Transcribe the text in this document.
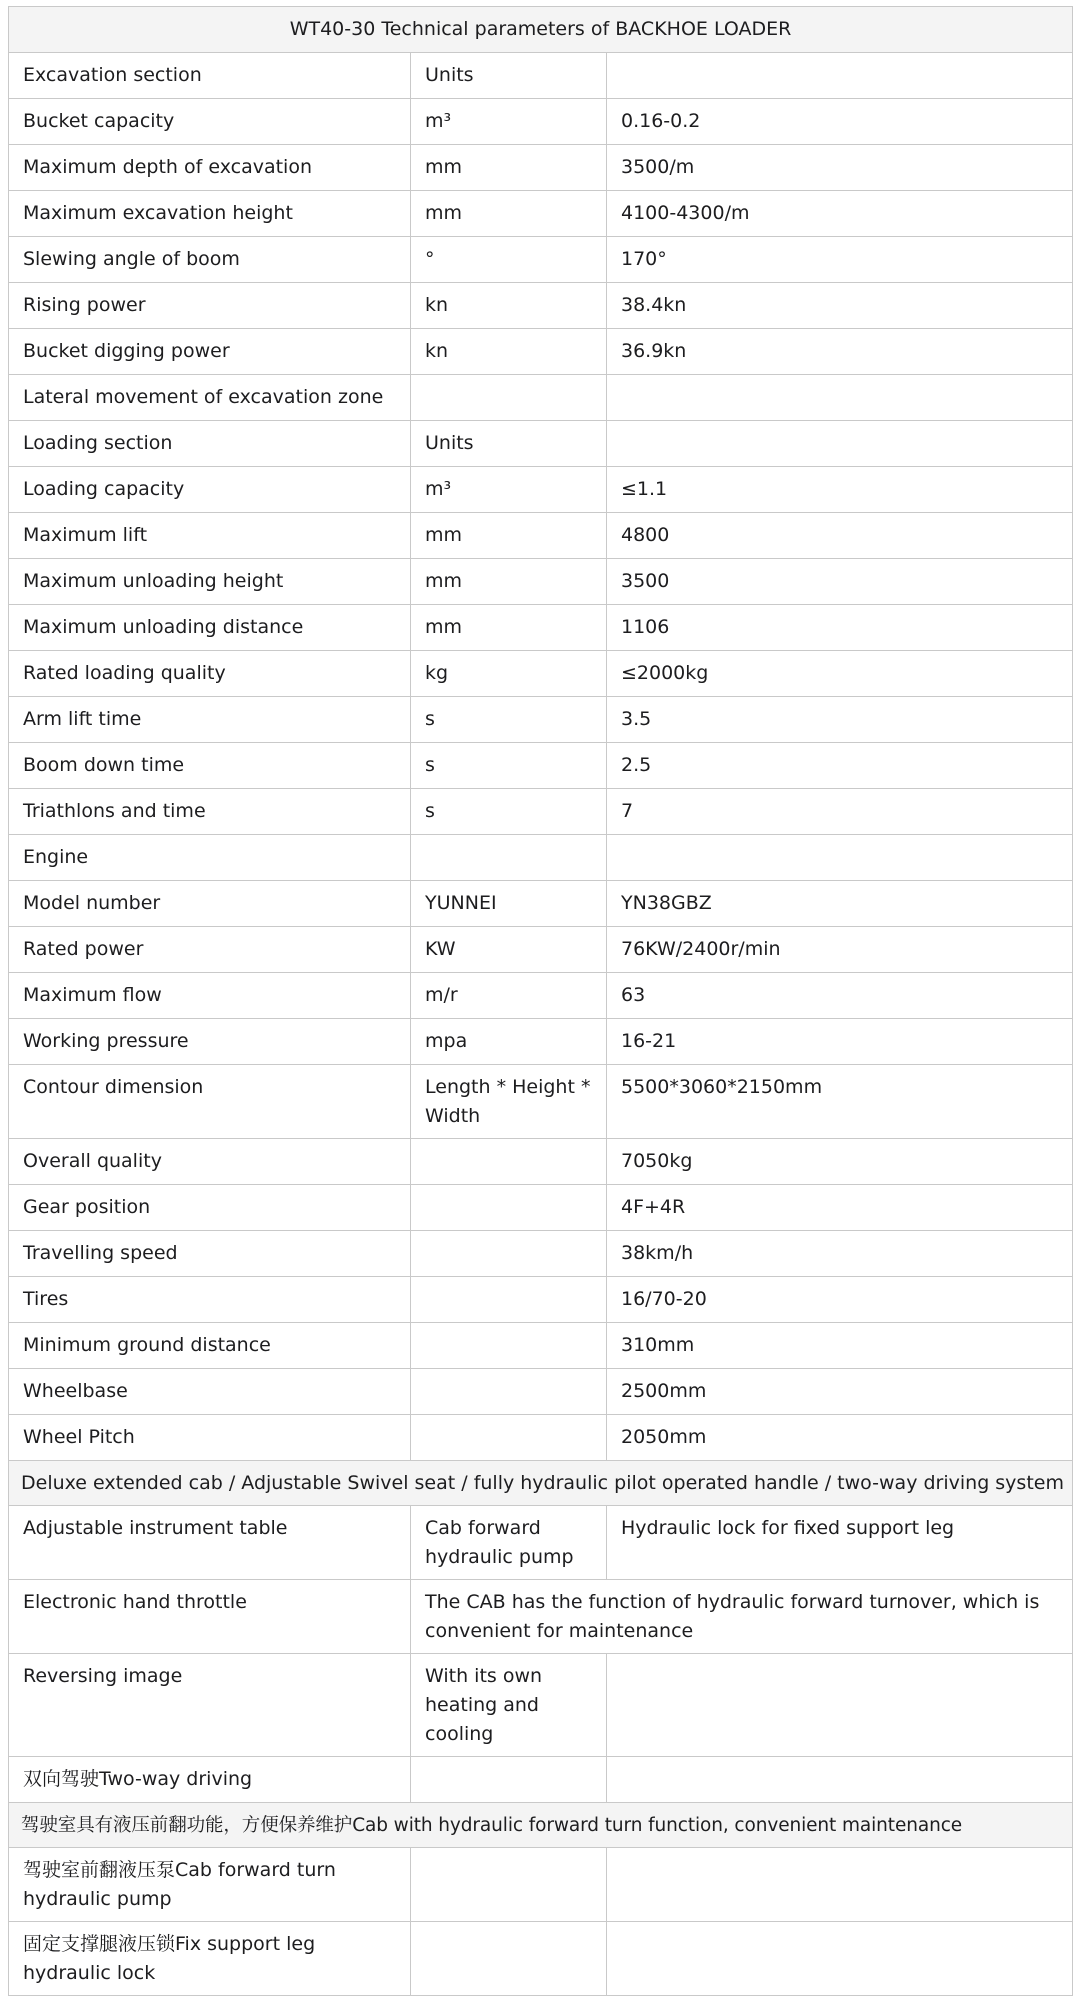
WT40-30 Technical parameters of BACKHOE LOADER		
Excavation section	Units	
Bucket capacity	m³	0.16-0.2
Maximum depth of excavation	mm	3500/m
Maximum excavation height	mm	4100-4300/m
Slewing angle of boom	°	170°
Rising power	kn	38.4kn
Bucket digging power	kn	36.9kn
Lateral movement of excavation zone		
Loading section	Units	
Loading capacity	m³	≤1.1
Maximum lift	mm	4800
Maximum unloading height	mm	3500
Maximum unloading distance	mm	1106
Rated loading quality	kg	≤2000kg
Arm lift time	s	3.5
Boom down time	s	2.5
Triathlons and time	s	7
Engine		
Model number	YUNNEI	YN38GBZ
Rated power	KW	76KW/2400r/min
Maximum flow	m/r	63
Working pressure	mpa	16-21
Contour dimension	Length * Height * Width	5500*3060*2150mm
Overall quality		7050kg
Gear position		4F+4R
Travelling speed		38km/h
Tires		16/70-20
Minimum ground distance		310mm
Wheelbase		2500mm
Wheel Pitch		2050mm
Deluxe extended cab / Adjustable Swivel seat / fully hydraulic pilot operated handle / two-way driving system		
Adjustable instrument table	Cab forward hydraulic pump	Hydraulic lock for fixed support leg
Electronic hand throttle	The CAB has the function of hydraulic forward turnover, which is convenient for maintenance	
Reversing image	With its own heating and cooling	
双向驾驶Two-way driving		
驾驶室具有液压前翻功能，方便保养维护Cab with hydraulic forward turn function, convenient maintenance		
驾驶室前翻液压泵Cab forward turn hydraulic pump		
固定支撑腿液压锁Fix support leg hydraulic lock		
